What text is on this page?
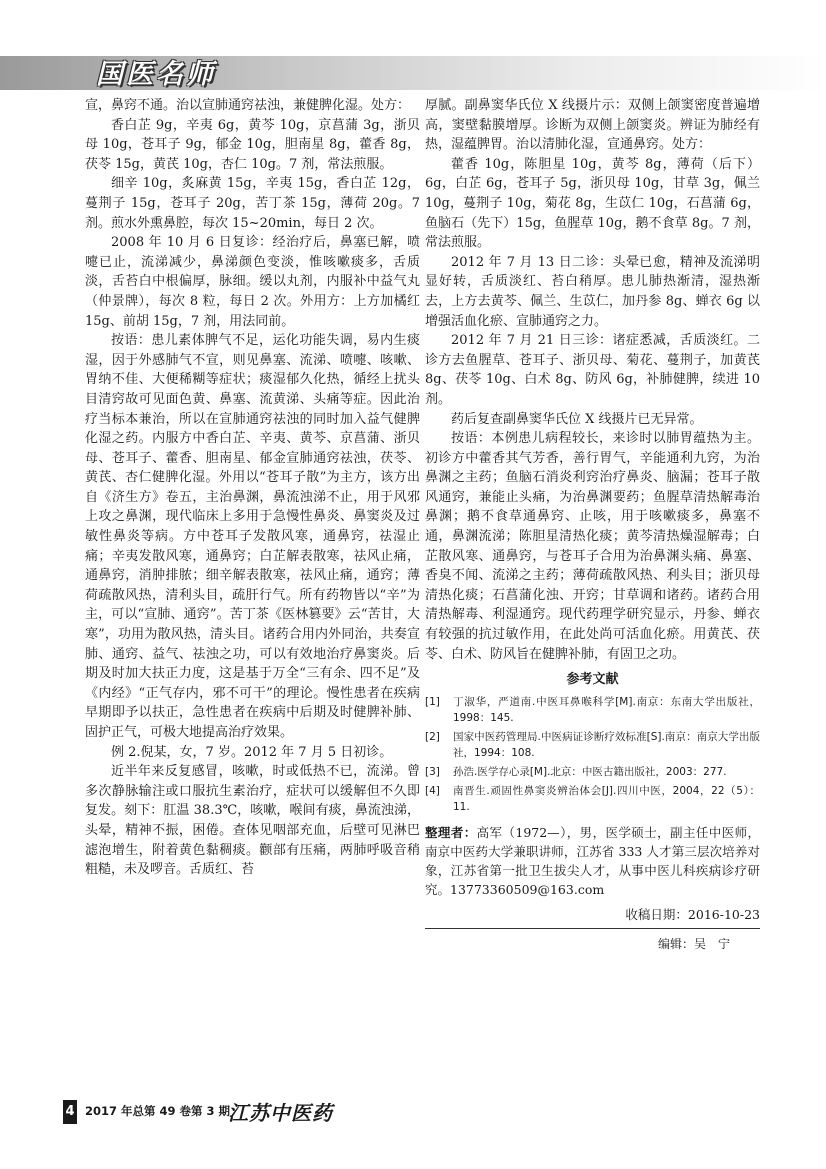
国医名师

宣，鼻窍不通。治以宣肺通窍祛浊，兼健脾化湿。处方：

香白芷 9g，辛夷 6g，黄芩 10g，京菖蒲 3g，浙贝母 10g，苍耳子 9g，郁金 10g，胆南星 8g，藿香 8g，茯苓 15g，黄芪 10g，杏仁 10g。7 剂，常法煎服。

细辛 10g，炙麻黄 15g，辛夷 15g，香白芷 12g，蔓荆子 15g，苍耳子 20g，苦丁茶 15g，薄荷 20g。7 剂。煎水外熏鼻腔，每次 15~20min，每日 2 次。

2008 年 10 月 6 日复诊：经治疗后，鼻塞已解，喷嚏已止，流涕减少，鼻涕颜色变淡，惟咳嗽痰多，舌质淡，舌苔白中根偏厚，脉细。缓以丸剂，内服补中益气丸（仲景牌），每次 8 粒，每日 2 次。外用方：上方加橘红 15g、前胡 15g，7 剂，用法同前。

按语：患儿素体脾气不足，运化功能失调，易内生痰湿，因于外感肺气不宣，则见鼻塞、流涕、喷嚏、咳嗽、胃纳不佳、大便稀糊等症状；痰湿郁久化热，循经上扰头目清窍故可见面色黄、鼻塞、流黄涕、头痛等症。因此治疗当标本兼治，所以在宣肺通窍祛浊的同时加入益气健脾化湿之药。内服方中香白芷、辛夷、黄芩、京菖蒲、浙贝母、苍耳子、藿香、胆南星、郁金宣肺通窍祛浊，茯苓、黄芪、杏仁健脾化湿。外用以“苍耳子散”为主方，该方出自《济生方》卷五，主治鼻渊，鼻流浊涕不止，用于风邪上攻之鼻渊，现代临床上多用于急慢性鼻炎、鼻窦炎及过敏性鼻炎等病。方中苍耳子发散风寒，通鼻窍，祛湿止痛；辛夷发散风寒，通鼻窍；白芷解表散寒，祛风止痛，通鼻窍，消肿排脓；细辛解表散寒，祛风止痛，通窍；薄荷疏散风热，清利头目，疏肝行气。所有药物皆以“辛”为主，可以“宣肺、通窍”。苦丁茶《医林篡要》云“苦甘，大寒”，功用为散风热，清头目。诸药合用内外同治，共奏宣肺、通窍、益气、祛浊之功，可以有效地治疗鼻窦炎。后期及时加大扶正力度，这是基于万全“三有余、四不足”及《内经》“正气存内，邪不可干”的理论。慢性患者在疾病早期即予以扶正，急性患者在疾病中后期及时健脾补肺、固护正气，可极大地提高治疗效果。

例 2.倪某，女，7 岁。2012 年 7 月 5 日初诊。

近半年来反复感冒，咳嗽，时或低热不已，流涕。曾多次静脉输注或口服抗生素治疗，症状可以缓解但不久即复发。刻下：肛温 38.3℃，咳嗽，喉间有痰，鼻流浊涕，头晕，精神不振，困倦。查体见咽部充血，后壁可见淋巴滤泡增生，附着黄色黏稠痰。颧部有压痛，两肺呼吸音稍粗糙，未及啰音。舌质红、苔

厚腻。副鼻窦华氏位 X 线摄片示：双侧上颌窦密度普遍增高，窦壁黏膜增厚。诊断为双侧上颌窦炎。辨证为肺经有热，湿蕴脾胃。治以清肺化湿，宣通鼻窍。处方：

藿香 10g，陈胆星 10g，黄芩 8g，薄荷（后下）6g，白芷 6g，苍耳子 5g，浙贝母 10g，甘草 3g，佩兰 10g，蔓荆子 10g，菊花 8g，生苡仁 10g，石菖蒲 6g，鱼脑石（先下）15g，鱼腥草 10g，鹅不食草 8g。7 剂，常法煎服。

2012 年 7 月 13 日二诊：头晕已愈，精神及流涕明显好转，舌质淡红、苔白稍厚。患儿肺热渐清，湿热渐去，上方去黄芩、佩兰、生苡仁，加丹参 8g、蝉衣 6g 以增强活血化瘀、宣肺通窍之力。

2012 年 7 月 21 日三诊：诸症悉减，舌质淡红。二诊方去鱼腥草、苍耳子、浙贝母、菊花、蔓荆子，加黄芪 8g、茯苓 10g、白术 8g、防风 6g，补肺健脾，续进 10 剂。

药后复查副鼻窦华氏位 X 线摄片已无异常。

按语：本例患儿病程较长，来诊时以肺胃蕴热为主。初诊方中藿香其气芳香，善行胃气，辛能通利九窍，为治鼻渊之主药；鱼脑石消炎利窍治疗鼻炎、脑漏；苍耳子散风通窍，兼能止头痛，为治鼻渊要药；鱼腥草清热解毒治鼻渊；鹅不食草通鼻窍、止咳，用于咳嗽痰多，鼻塞不通，鼻渊流涕；陈胆星清热化痰；黄芩清热燥湿解毒；白芷散风寒、通鼻窍，与苍耳子合用为治鼻渊头痛、鼻塞、香臭不闻、流涕之主药；薄荷疏散风热、利头目；浙贝母清热化痰；石菖蒲化浊、开窍；甘草调和诸药。诸药合用清热解毒、利湿通窍。现代药理学研究显示，丹参、蝉衣有较强的抗过敏作用，在此处尚可活血化瘀。用黄芪、茯苓、白术、防风旨在健脾补肺，有固卫之功。

参考文献
[1]	丁淑华，严道南.中医耳鼻喉科学[M].南京：东南大学出版社，1998：145.
[2]	国家中医药管理局.中医病证诊断疗效标准[S].南京：南京大学出版社，1994：108.
[3]	孙浩.医学存心录[M].北京：中医古籍出版社，2003：277.
[4]	南晋生.顽固性鼻窦炎辨治体会[J].四川中医，2004，22（5）：11.
整理者：高军（1972—），男，医学硕士，副主任中医师，南京中医药大学兼职讲师，江苏省 333 人才第三层次培养对象，江苏省第一批卫生拔尖人才，从事中医儿科疾病诊疗研究。13773360509@163.com
收稿日期：2016-10-23
编辑：吴　宁
4 2017 年总第 49 卷第 3 期
江苏中医药
